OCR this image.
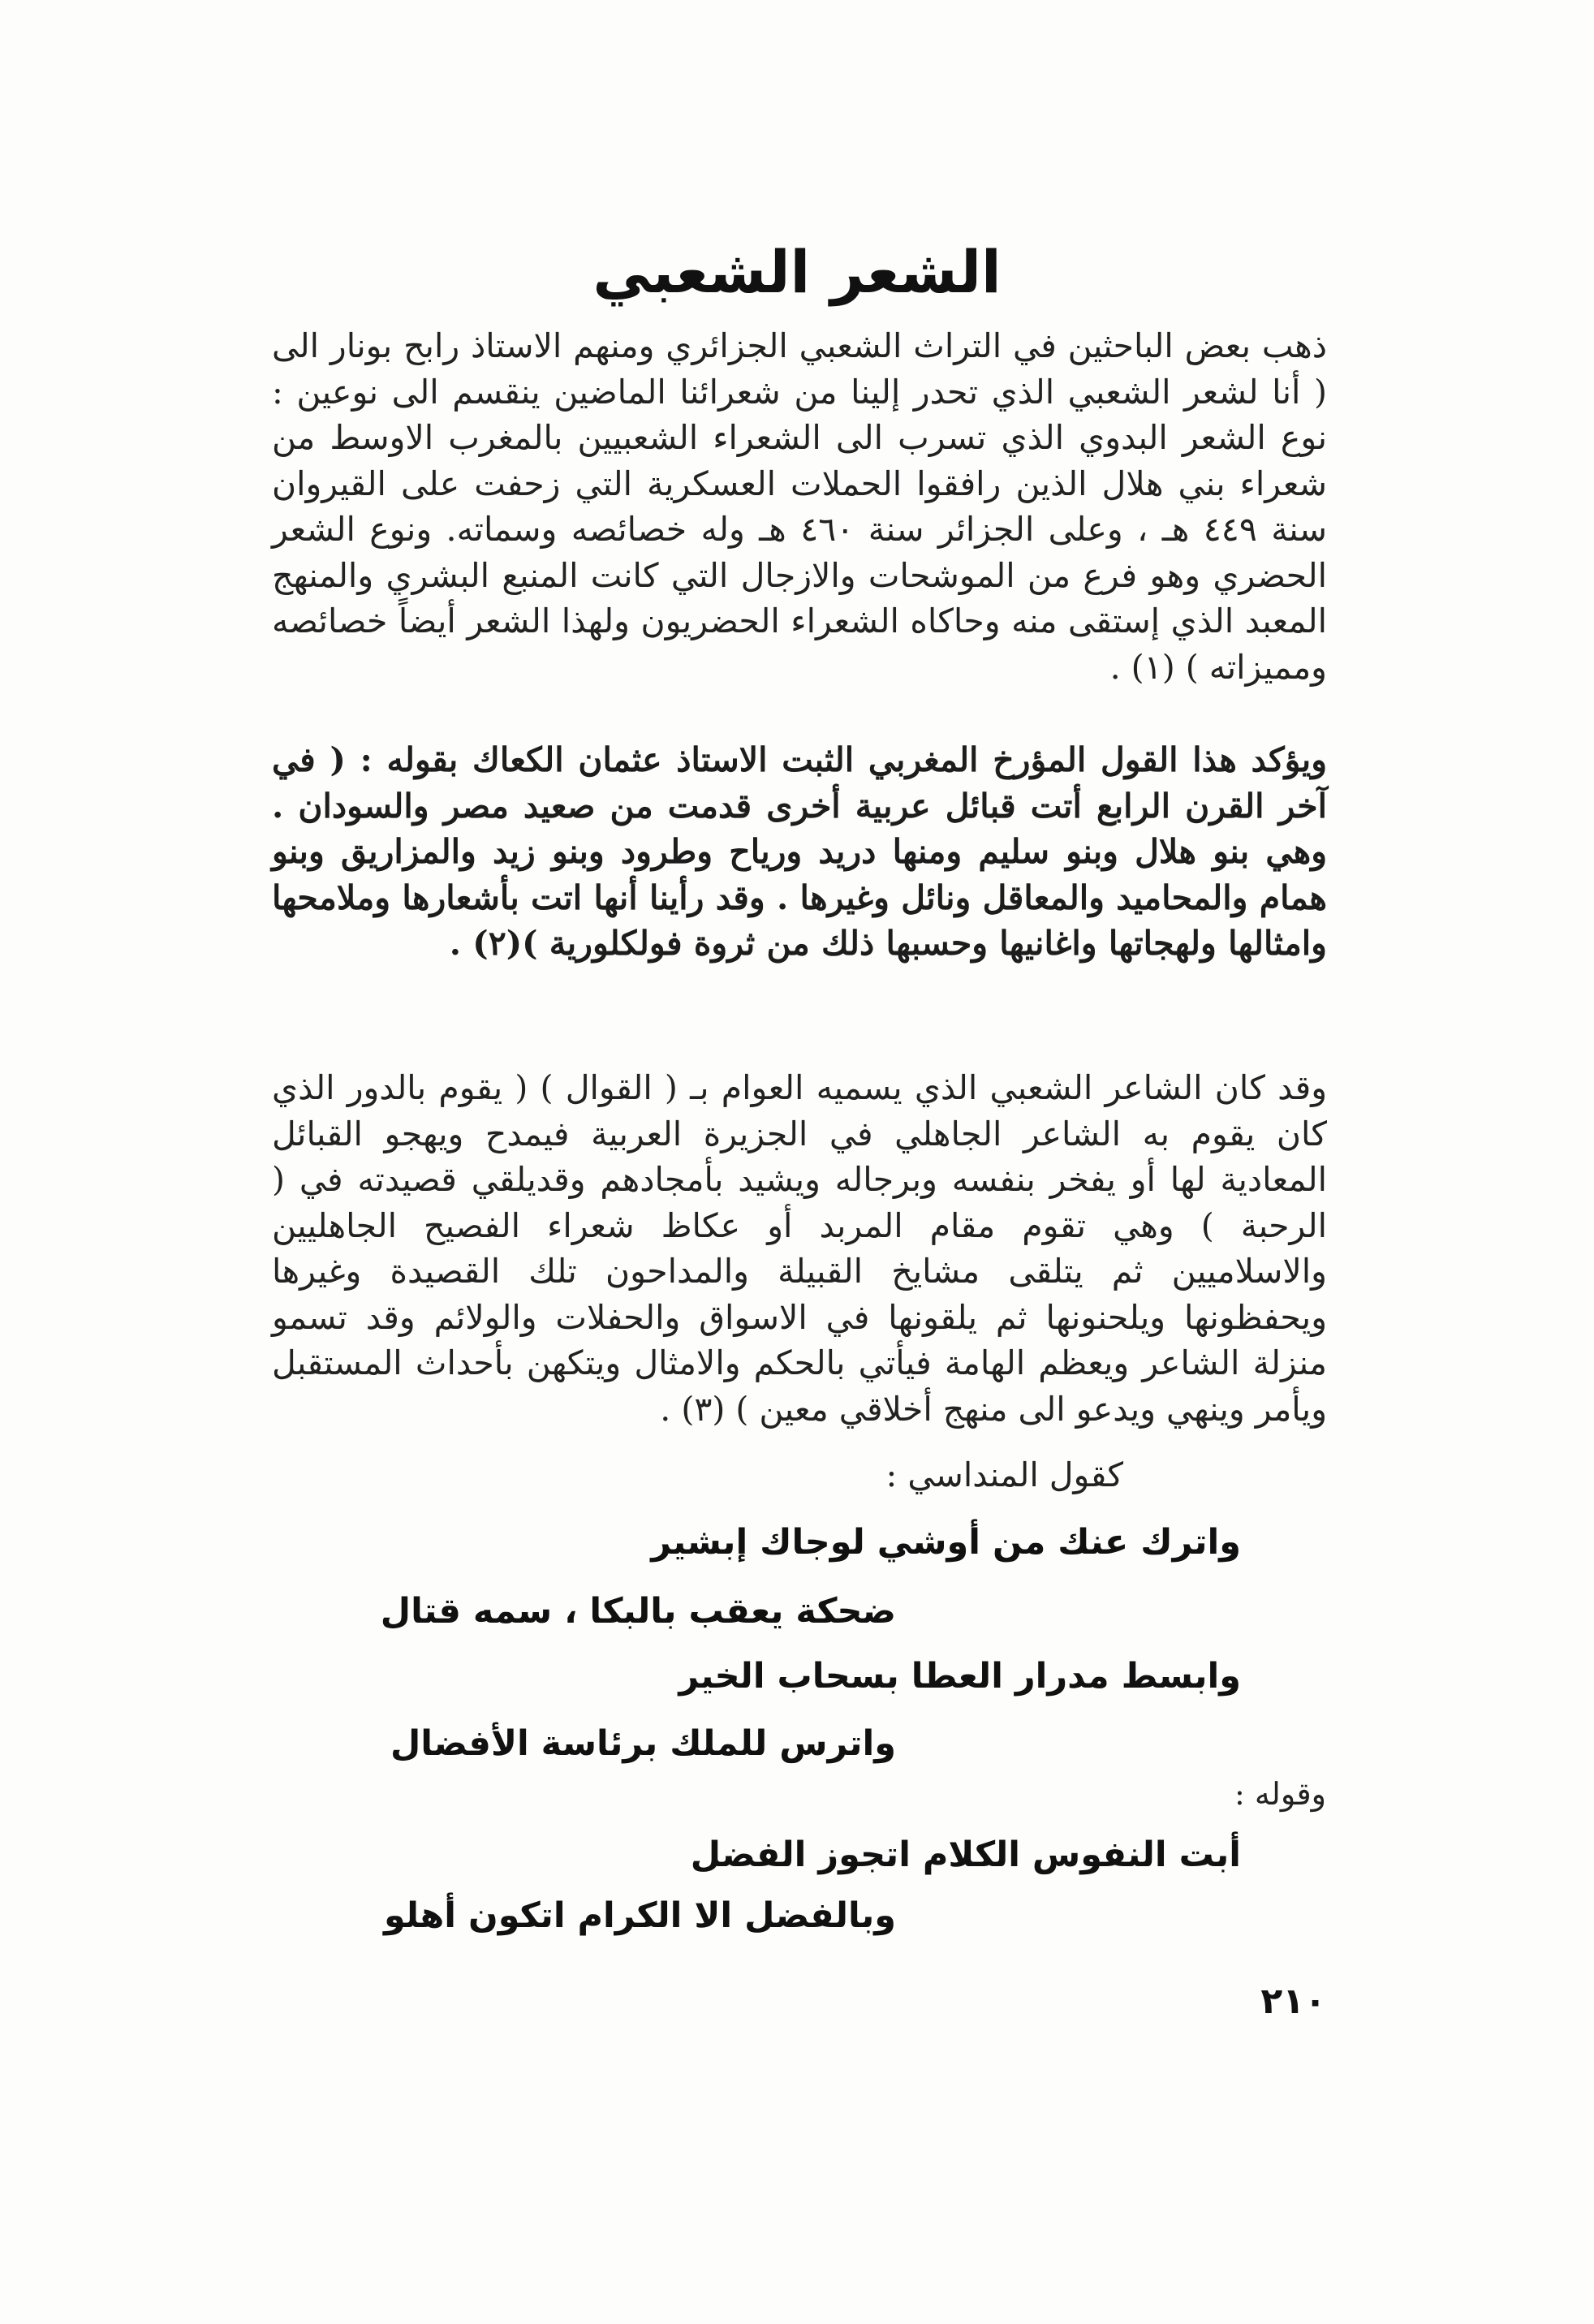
الشعر الشعبي

ذهب بعض الباحثين في التراث الشعبي الجزائري ومنهم الاستاذ رابح بونار الى ( أنا لشعر الشعبي الذي تحدر إلينا من شعرائنا الماضين ينقسم الى نوعين : نوع الشعر البدوي الذي تسرب الى الشعراء الشعبيين بالمغرب الاوسط من شعراء بني هلال الذين رافقوا الحملات العسكرية التي زحفت على القيروان سنة ٤٤٩ هـ ، وعلى الجزائر سنة ٤٦٠ هـ وله خصائصه وسماته. ونوع الشعر الحضري وهو فرع من الموشحات والازجال التي كانت المنبع البشري والمنهج المعبد الذي إستقى منه وحاكاه الشعراء الحضريون ولهذا الشعر أيضاً خصائصه ومميزاته ) (١) .

ويؤكد هذا القول المؤرخ المغربي الثبت الاستاذ عثمان الكعاك بقوله : ( في آخر القرن الرابع أتت قبائل عربية أخرى قدمت من صعيد مصر والسودان . وهي بنو هلال وبنو سليم ومنها دريد ورياح وطرود وبنو زيد والمزاريق وبنو همام والمحاميد والمعاقل ونائل وغيرها . وقد رأينا أنها اتت بأشعارها وملامحها وامثالها ولهجاتها واغانيها وحسبها ذلك من ثروة فولكلورية )(٢) .

وقد كان الشاعر الشعبي الذي يسميه العوام بـ ( القوال ) ( يقوم بالدور الذي كان يقوم به الشاعر الجاهلي في الجزيرة العربية فيمدح ويهجو القبائل المعادية لها أو يفخر بنفسه وبرجاله ويشيد بأمجادهم وقديلقي قصيدته في ( الرحبة ) وهي تقوم مقام المربد أو عكاظ شعراء الفصيح الجاهليين والاسلاميين ثم يتلقى مشايخ القبيلة والمداحون تلك القصيدة وغيرها ويحفظونها ويلحنونها ثم يلقونها في الاسواق والحفلات والولائم وقد تسمو منزلة الشاعر ويعظم الهامة فيأتي بالحكم والامثال ويتكهن بأحداث المستقبل ويأمر وينهي ويدعو الى منهج أخلاقي معين ) (٣) .

كقول المنداسي :
واترك عنك من أوشي لوجاك إبشير
ضحكة يعقب بالبكا ، سمه قتال
وابسط مدرار العطا بسحاب الخير
واترس للملك برئاسة الأفضال
وقوله :
أبت النفوس الكلام اتجوز الفضل
وبالفضل الا الكرام اتكون أهلو
٢١٠
